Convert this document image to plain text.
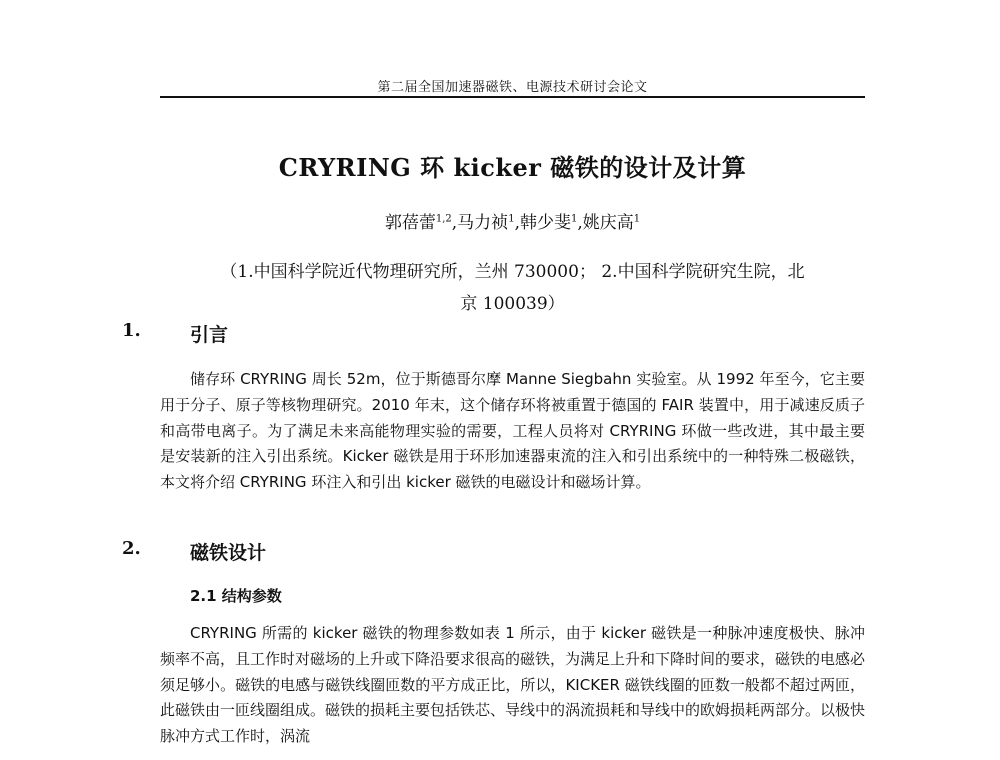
第二届全国加速器磁铁、电源技术研讨会论文
CRYRING 环 kicker 磁铁的设计及计算
郭蓓蕾$^{1,2}$,马力祯$^1$,韩少斐$^1$,姚庆高$^1$
（1.中国科学院近代物理研究所，兰州 730000； 2.中国科学院研究生院，北
京 100039）
1.	引言
储存环 CRYRING 周长 52m，位于斯德哥尔摩 Manne Siegbahn 实验室。从 1992 年至今，它主要用于分子、原子等核物理研究。2010 年末，这个储存环将被重置于德国的 FAIR 装置中，用于减速反质子和高带电离子。为了满足未来高能物理实验的需要，工程人员将对 CRYRING 环做一些改进，其中最主要是安装新的注入引出系统。Kicker 磁铁是用于环形加速器束流的注入和引出系统中的一种特殊二极磁铁，本文将介绍 CRYRING 环注入和引出 kicker 磁铁的电磁设计和磁场计算。
2.	磁铁设计
2.1 结构参数
CRYRING 所需的 kicker 磁铁的物理参数如表 1 所示，由于 kicker 磁铁是一种脉冲速度极快、脉冲频率不高，且工作时对磁场的上升或下降沿要求很高的磁铁，为满足上升和下降时间的要求，磁铁的电感必须足够小。磁铁的电感与磁铁线圈匝数的平方成正比，所以，KICKER 磁铁线圈的匝数一般都不超过两匝，此磁铁由一匝线圈组成。磁铁的损耗主要包括铁芯、导线中的涡流损耗和导线中的欧姆损耗两部分。以极快脉冲方式工作时，涡流
